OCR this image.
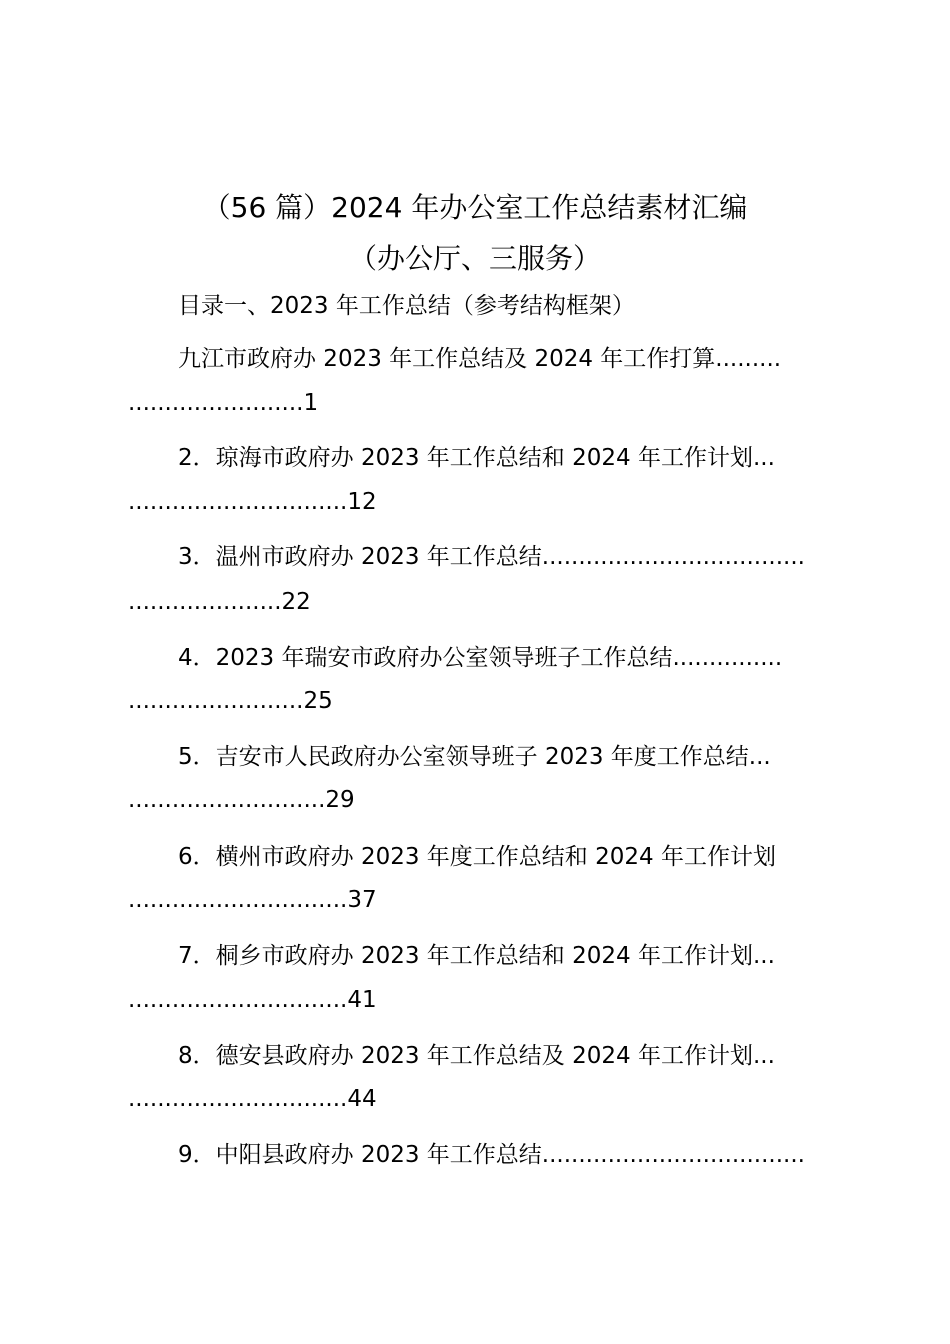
（56 篇）2024 年办公室工作总结素材汇编
（办公厅、三服务）
目录一、2023 年工作总结（参考结构框架）
九江市政府办 2023 年工作总结及 2024 年工作打算.........
........................1
2．琼海市政府办 2023 年工作总结和 2024 年工作计划...
..............................12
3．温州市政府办 2023 年工作总结....................................
.....................22
4．2023 年瑞安市政府办公室领导班子工作总结...............
........................25
5．吉安市人民政府办公室领导班子 2023 年度工作总结...
...........................29
6．横州市政府办 2023 年度工作总结和 2024 年工作计划
..............................37
7．桐乡市政府办 2023 年工作总结和 2024 年工作计划...
..............................41
8．德安县政府办 2023 年工作总结及 2024 年工作计划...
..............................44
9．中阳县政府办 2023 年工作总结....................................
